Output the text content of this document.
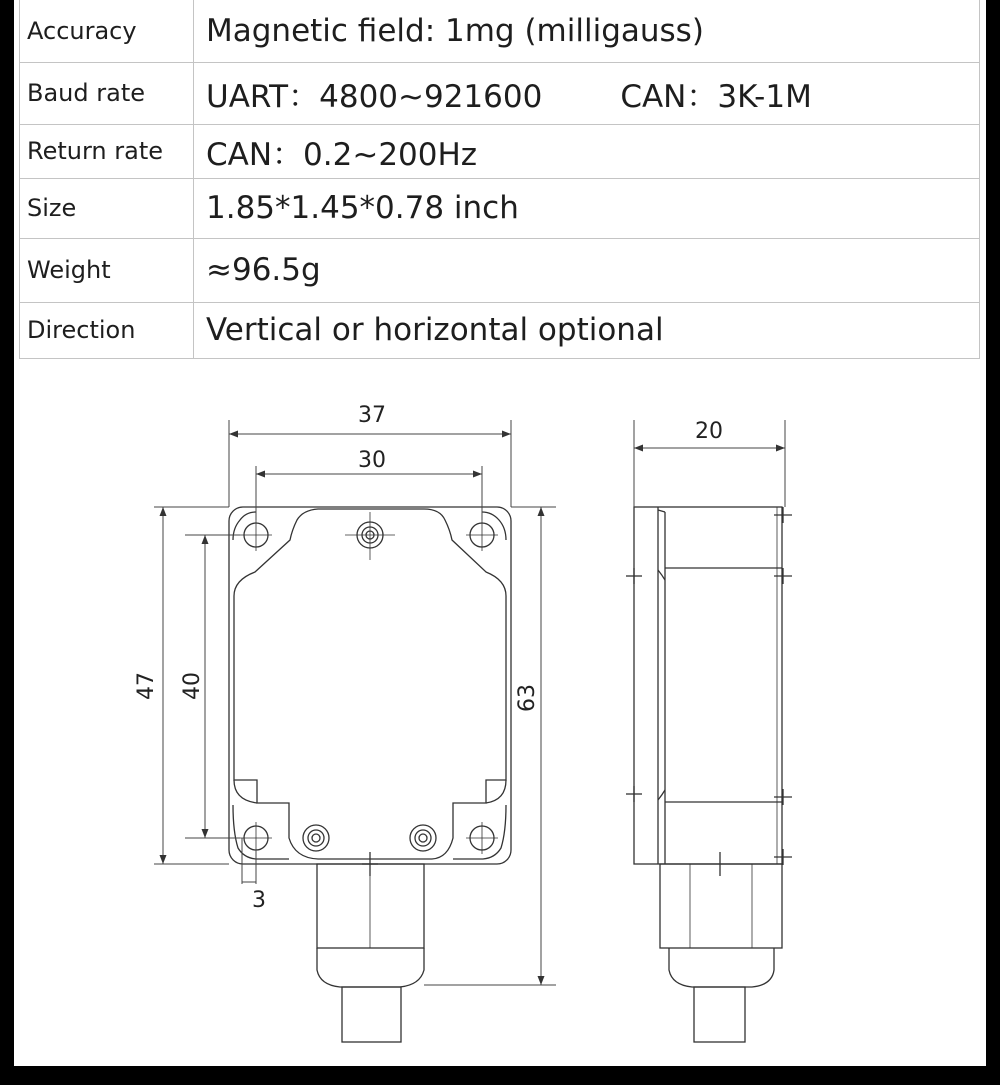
Accuracy	Magnetic field: 1mg (milligauss)
Baud rate	UART：4800~921600 CAN：3K-1M
Return rate	CAN：0.2~200Hz
Size	1.85*1.45*0.78 inch
Weight	≈96.5g
Direction	Vertical or horizontal optional
37
30
47 40	63
3
20
